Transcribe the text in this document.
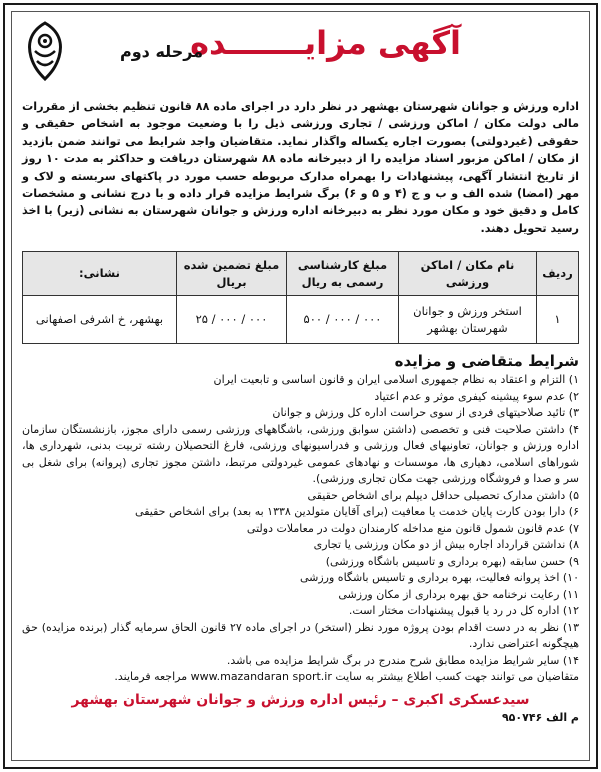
آگهی مزایـــــــده
مرحله دوم

اداره ورزش و جوانان شهرستان بهشهر در نظر دارد در اجرای ماده ۸۸ قانون تنظیم بخشی از مقررات مالی دولت مکان / اماکن ورزشی / تجاری ورزشی ذیل را با وضعیت موجود به اشخاص حقیقی و حقوقی (غیردولتی) بصورت اجاره یکساله واگذار نماید. متقاضیان واجد شرایط می توانند ضمن بازدید از مکان / اماکن مزبور اسناد مزایده را از دبیرخانه ماده ۸۸ شهرستان دریافت و حداکثر به مدت ۱۰ روز از تاریخ انتشار آگهی، پیشنهادات را بهمراه مدارک مربوطه حسب مورد در پاکتهای سربسته و لاک و مهر (امضا) شده الف و ب و ج (۴ و ۵ و ۶) برگ شرایط مزایده قرار داده و با درج نشانی و مشخصات کامل و دقیق خود و مکان مورد نظر به دبیرخانه اداره ورزش و جوانان شهرستان به نشانی (زیر) با اخذ رسید تحویل دهند.

ردیف	نام مکان / اماکن ورزشی	مبلغ کارشناسی رسمی به ریال	مبلغ تضمین شده بریال	نشانی:
۱	استخر ورزش و جوانان شهرستان بهشهر	۵۰۰ / ۰۰۰ / ۰۰۰	۲۵ / ۰۰۰ / ۰۰۰	بهشهر، خ اشرفی اصفهانی
شرایط متقاضی و مزایده
۱) التزام و اعتقاد به نظام جمهوری اسلامی ایران و قانون اساسی و تابعیت ایران
۲) عدم سوء پیشینه کیفری موثر و عدم اعتیاد
۳) تائید صلاحیتهای فردی از سوی حراست اداره کل ورزش و جوانان
۴) داشتن صلاحیت فنی و تخصصی (داشتن سوابق ورزشی، باشگاههای ورزشی رسمی دارای مجوز، بازنشستگان سازمان اداره ورزش و جوانان، تعاونیهای فعال ورزشی و فدراسیونهای ورزشی، فارغ التحصیلان رشته تربیت بدنی، شهرداری ها، شوراهای اسلامی، دهیاری ها، موسسات و نهادهای عمومی غیردولتی مرتبط، داشتن مجوز تجاری (پروانه) برای شغل بی سر و صدا و فروشگاه ورزشی جهت مکان تجاری ورزشی).
۵) داشتن مدارک تحصیلی حداقل دیپلم برای اشخاص حقیقی
۶) دارا بودن کارت پایان خدمت یا معافیت (برای آقایان متولدین ۱۳۳۸ به بعد) برای اشخاص حقیقی
۷) عدم قانون شمول قانون منع مداخله کارمندان دولت در معاملات دولتی
۸) نداشتن قرارداد اجاره بیش از دو مکان ورزشی یا تجاری
۹) حسن سابقه (بهره برداری و تاسیس باشگاه ورزشی)
۱۰) اخذ پروانه فعالیت، بهره برداری و تاسیس باشگاه ورزشی
۱۱) رعایت نرخنامه حق بهره برداری از مکان ورزشی
۱۲) اداره کل در رد یا قبول پیشنهادات مختار است.
۱۳) نظر به در دست اقدام بودن پروژه مورد نظر (استخر) در اجرای ماده ۲۷ قانون الحاق سرمایه گذار (برنده مزایده) حق هیچگونه اعتراضی ندارد.
۱۴) سایر شرایط مزایده مطابق شرح مندرج در برگ شرایط مزایده می باشد.

متقاضیان می توانند جهت کسب اطلاع بیشتر به سایت www.mazandaran sport.ir مراجعه فرمایند.

سیدعسکری اکبری – رئیس اداره ورزش و جوانان شهرستان بهشهر
م الف ۹۵۰۷۴۶
